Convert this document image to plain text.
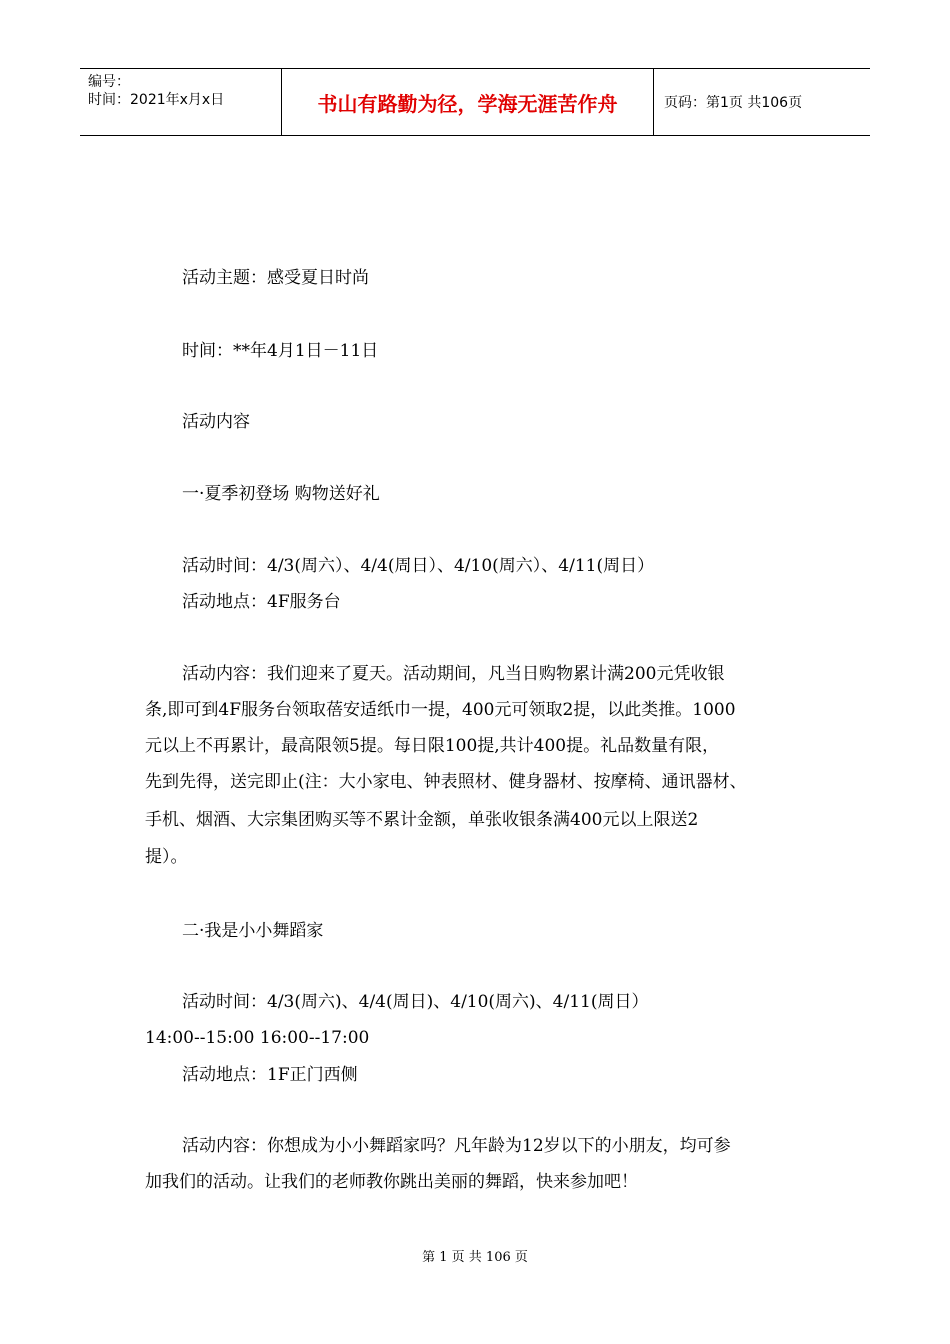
编号：
时间：2021年x月x日	书山有路勤为径，学海无涯苦作舟	页码：第1页 共106页
活动主题：感受夏日时尚
时间：**年4月1日－11日
活动内容
一·夏季初登场 购物送好礼
活动时间：4/3(周六）、4/4(周日）、4/10(周六）、4/11(周日）
活动地点：4F服务台
活动内容：我们迎来了夏天。活动期间，凡当日购物累计满200元凭收银
条,即可到4F服务台领取蓓安适纸巾一提，400元可领取2提，以此类推。1000
元以上不再累计，最高限领5提。每日限100提,共计400提。礼品数量有限，
先到先得，送完即止(注：大小家电、钟表照材、健身器材、按摩椅、通讯器材、
手机、烟酒、大宗集团购买等不累计金额，单张收银条满400元以上限送2
提）。
二·我是小小舞蹈家
活动时间：4/3(周六)、4/4(周日)、4/10(周六)、4/11(周日）
14:00--15:00 16:00--17:00
活动地点：1F正门西侧
活动内容：你想成为小小舞蹈家吗？凡年龄为12岁以下的小朋友，均可参
加我们的活动。让我们的老师教你跳出美丽的舞蹈，快来参加吧！
第 1 页 共 106 页
